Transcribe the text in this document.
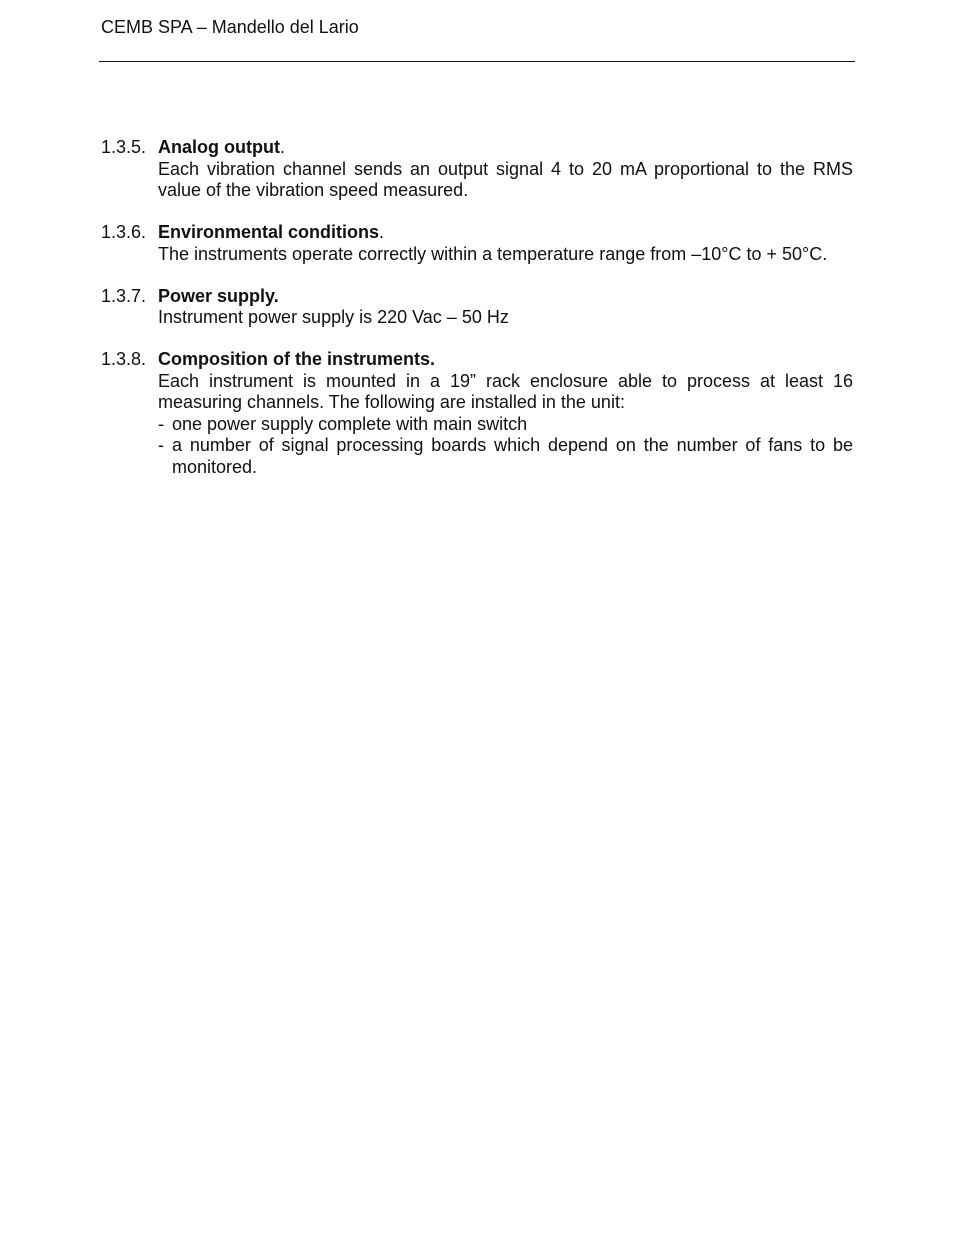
CEMB SPA – Mandello del Lario
1.3.5. Analog output.
Each vibration channel sends an output signal 4 to 20 mA proportional to the RMS value of the vibration speed measured.
1.3.6. Environmental conditions.
The instruments operate correctly within a temperature range from –10°C to + 50°C.
1.3.7. Power supply.
Instrument power supply is 220 Vac – 50 Hz
1.3.8. Composition of the instruments.
Each instrument is mounted in a 19” rack enclosure able to process at least 16 measuring channels. The following are installed in the unit:
- one power supply complete with main switch
- a number of signal processing boards which depend on the number of fans to be monitored.
